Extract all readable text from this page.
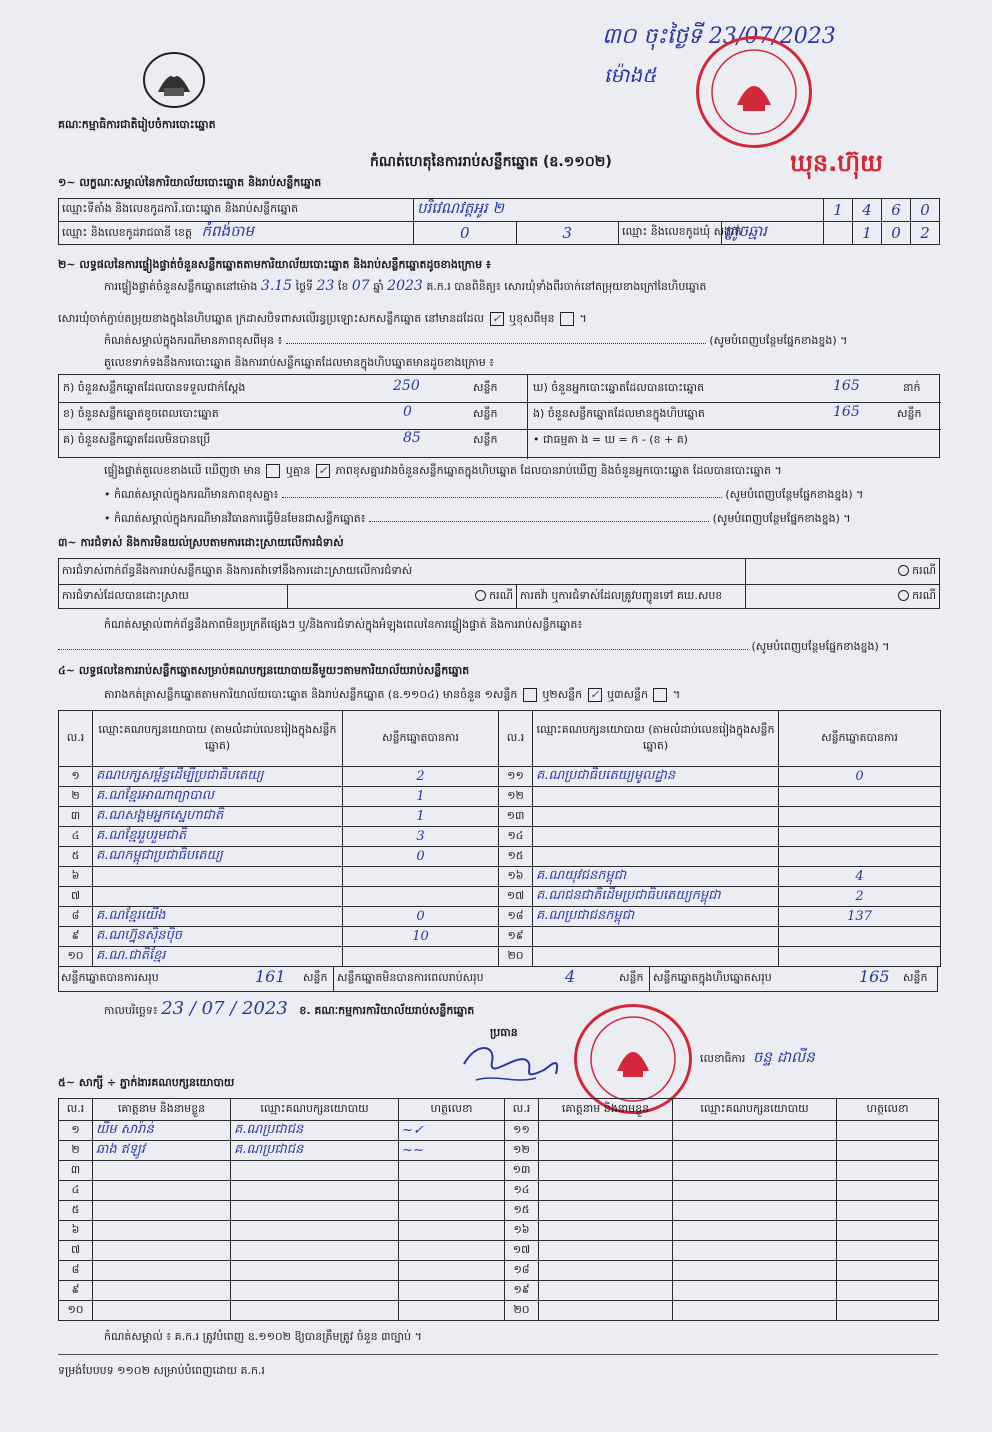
គណៈកម្មាធិការជាតិរៀបចំការបោះឆ្នោត
៣០ ចុះថ្ងៃទី 23/07/2023
ម៉ោង៥
ឃុន.ហ៊ុយ
កំណត់ហេតុនៃការរាប់សន្លឹកឆ្នោត (ឧ.១១០២)
១~ លក្ខណៈសម្គាល់នៃការិយាល័យបោះឆ្នោត និងរាប់សន្លឹកឆ្នោត
ឈ្មោះទីតាំង និងលេខកូដការិ.បោះឆ្នោត និងរាប់សន្លឹកឆ្នោត	បរិវេណវត្តអូរ ២				1	4	6	0
ឈ្មោះ និងលេខកូដរាជធានី ខេត្ត កំពង់ចាម	0	3	ឈ្មោះ និងលេខកូដឃុំ សង្កាត់	ក្រូចឆ្មារ		1	0	2
២~ លទ្ធផលនៃការផ្ទៀងផ្ទាត់ចំនួនសន្លឹកឆ្នោតតាមការិយាល័យបោះឆ្នោត និងរាប់សន្លឹកឆ្នោតដូចខាងក្រោម ៖
ការផ្ទៀងផ្ទាត់ចំនួនសន្លឹកឆ្នោតនៅម៉ោង 3.15 ថ្ងៃទី 23 ខែ 07 ឆ្នាំ 2023 គ.ក.រ បានពិនិត្យ៖ សោរឃុំទាំងពីរចាក់នៅតម្រុយខាងក្រៅនៃហិបឆ្នោត
សោរឃុំចាក់ភ្ជាប់តម្រុយខាងក្នុងនៃហិបឆ្នោត ក្រដាសបិទពាសលើរន្ធប្រឡោះសកសន្លឹកឆ្នោត នៅមានដដែល ✓ ឬខុសពីមុន  ។
កំណត់សម្គាល់ក្នុងករណីមានភាពខុសពីមុន ៖	(សូមបំពេញបន្ថែមផ្នែកខាងខ្នង) ។
តួលេខទាក់ទងនឹងការបោះឆ្នោត និងការរាប់សន្លឹកឆ្នោតដែលមានក្នុងហិបឆ្នោតមានដូចខាងក្រោម ៖
ក) ចំនួនសន្លឹកឆ្នោតដែលបានទទួលជាក់ស្ដែង	250	សន្លឹក
ខ) ចំនួនសន្លឹកឆ្នោតខូចពេលបោះឆ្នោត	0	សន្លឹក
គ) ចំនួនសន្លឹកឆ្នោតដែលមិនបានប្រើ	85	សន្លឹក
ឃ) ចំនួនអ្នកបោះឆ្នោតដែលបានបោះឆ្នោត	165	នាក់
ង) ចំនួនសន្លឹកឆ្នោតដែលមានក្នុងហិបឆ្នោត	165	សន្លឹក
• ជាធម្មតា ង = ឃ = ក - (ខ + គ)
ផ្ទៀងផ្ទាត់តួលេខខាងលើ ឃើញថា មាន ឬគ្មាន ✓ ភាពខុសគ្នារវាងចំនួនសន្លឹកឆ្នោតក្នុងហិបឆ្នោត ដែលបានរាប់ឃើញ និងចំនួនអ្នកបោះឆ្នោត ដែលបានបោះឆ្នោត ។
• កំណត់សម្គាល់ក្នុងករណីមានភាពខុសគ្នា៖	(សូមបំពេញបន្ថែមផ្នែកខាងខ្នង) ។
• កំណត់សម្គាល់ក្នុងករណីមានវិធានការធ្វើមិនមែនជាសន្លឹកឆ្នោត៖	(សូមបំពេញបន្ថែមផ្នែកខាងខ្នង) ។
៣~ ការជំទាស់ និងការមិនយល់ស្របតាមការដោះស្រាយលើការជំទាស់
ការជំទាស់ពាក់ព័ន្ធនឹងការរាប់សន្លឹកឆ្នោត និងការតវ៉ាទៅនឹងការដោះស្រាយលើការជំទាស់			ករណី
ការជំទាស់ដែលបានដោះស្រាយ	ករណី	ការតវ៉ា ឬការជំទាស់ដែលត្រូវបញ្ជូនទៅ គឃ.សបខ	ករណី
កំណត់សម្គាល់ពាក់ព័ន្ធនឹងភាពមិនប្រក្រតីផ្សេងៗ ឬ/និងការជំទាស់ក្នុងអំឡុងពេលនៃការផ្ទៀងផ្ទាត់ និងការរាប់សន្លឹកឆ្នោត៖
(សូមបំពេញបន្ថែមផ្នែកខាងខ្នង) ។
៤~ លទ្ធផលនៃការរាប់សន្លឹកឆ្នោតសម្រាប់គណបក្សនយោបាយនីមួយៗតាមការិយាល័យរាប់សន្លឹកឆ្នោត
តារាងកត់ត្រាសន្លឹកឆ្នោតតាមការិយាល័យបោះឆ្នោត និងរាប់សន្លឹកឆ្នោត (ឧ.១១០៤) មានចំនួន ១សន្លឹក ឬ២សន្លឹក ✓ ឬ៣សន្លឹក  ។
ល.រ	ឈ្មោះគណបក្សនយោបាយ (តាមលំដាប់លេខរៀងក្នុងសន្លឹកឆ្នោត)	សន្លឹកឆ្នោតបានការ	ល.រ	ឈ្មោះគណបក្សនយោបាយ (តាមលំដាប់លេខរៀងក្នុងសន្លឹកឆ្នោត)	សន្លឹកឆ្នោតបានការ
១	គណបក្សសម្ព័ន្ធដើម្បីប្រជាធិបតេយ្យ	2	១១	គ.ណប្រជាធិបតេយ្យមូលដ្ឋាន	0
២	គ.ណខ្មែរអាណាព្យាបាល	1	១២		
៣	គ.ណសង្គមអ្នកស្នេហាជាតិ	1	១៣		
៤	គ.ណខ្មែររួបរួមជាតិ	3	១៤		
៥	គ.ណកម្ពុជាប្រជាធិបតេយ្យ	0	១៥		
៦			១៦	គ.ណយុវជនកម្ពុជា	4
៧			១៧	គ.ណជនជាតិដើមប្រជាធិបតេយ្យកម្ពុជា	2
៨	គ.ណខ្មែរយើង	0	១៨	គ.ណប្រជាជនកម្ពុជា	137
៩	គ.ណហ្វ៊ុនស៊ិនប៉ិច	10	១៩		
១០	គ.ណ.ជាតិខ្មែរ		២០		
សន្លឹកឆ្នោតបានការសរុប	161 សន្លឹក សន្លឹកឆ្នោតមិនបានការពេលរាប់សរុប	4	សន្លឹក សន្លឹកឆ្នោតក្នុងហិបឆ្នោតសរុប	165 សន្លឹក
កាលបរិច្ឆេទ៖ 23 / 07 / 2023 ខ. គណៈកម្មការការិយាល័យរាប់សន្លឹកឆ្នោត
ប្រធាន
លេខាធិការ ចន្ទ ដាលីន
៥~ សាក្សី ÷ ភ្នាក់ងារគណបក្សនយោបាយ
ល.រ	គោត្តនាម និងនាមខ្លួន	ឈ្មោះគណបក្សនយោបាយ	ហត្ថលេខា	ល.រ	គោត្តនាម និងនាមខ្លួន	ឈ្មោះគណបក្សនយោបាយ	ហត្ថលេខា
១	យិម សារ៉ាន់	គ.ណប្រជាជន	~✓	១១			
២	ឆាង ឥឡូវ	គ.ណប្រជាជន	~~	១២			
៣				១៣			
៤				១៤			
៥				១៥			
៦				១៦			
៧				១៧			
៨				១៨			
៩				១៩			
១០				២០			
កំណត់សម្គាល់ ៖ គ.ក.រ ត្រូវបំពេញ ឧ.១១០២ ឱ្យបានត្រឹមត្រូវ ចំនួន ៣ច្បាប់ ។
ទម្រង់បែបបទ ១១០២ សម្រាប់បំពេញដោយ គ.ក.រ
